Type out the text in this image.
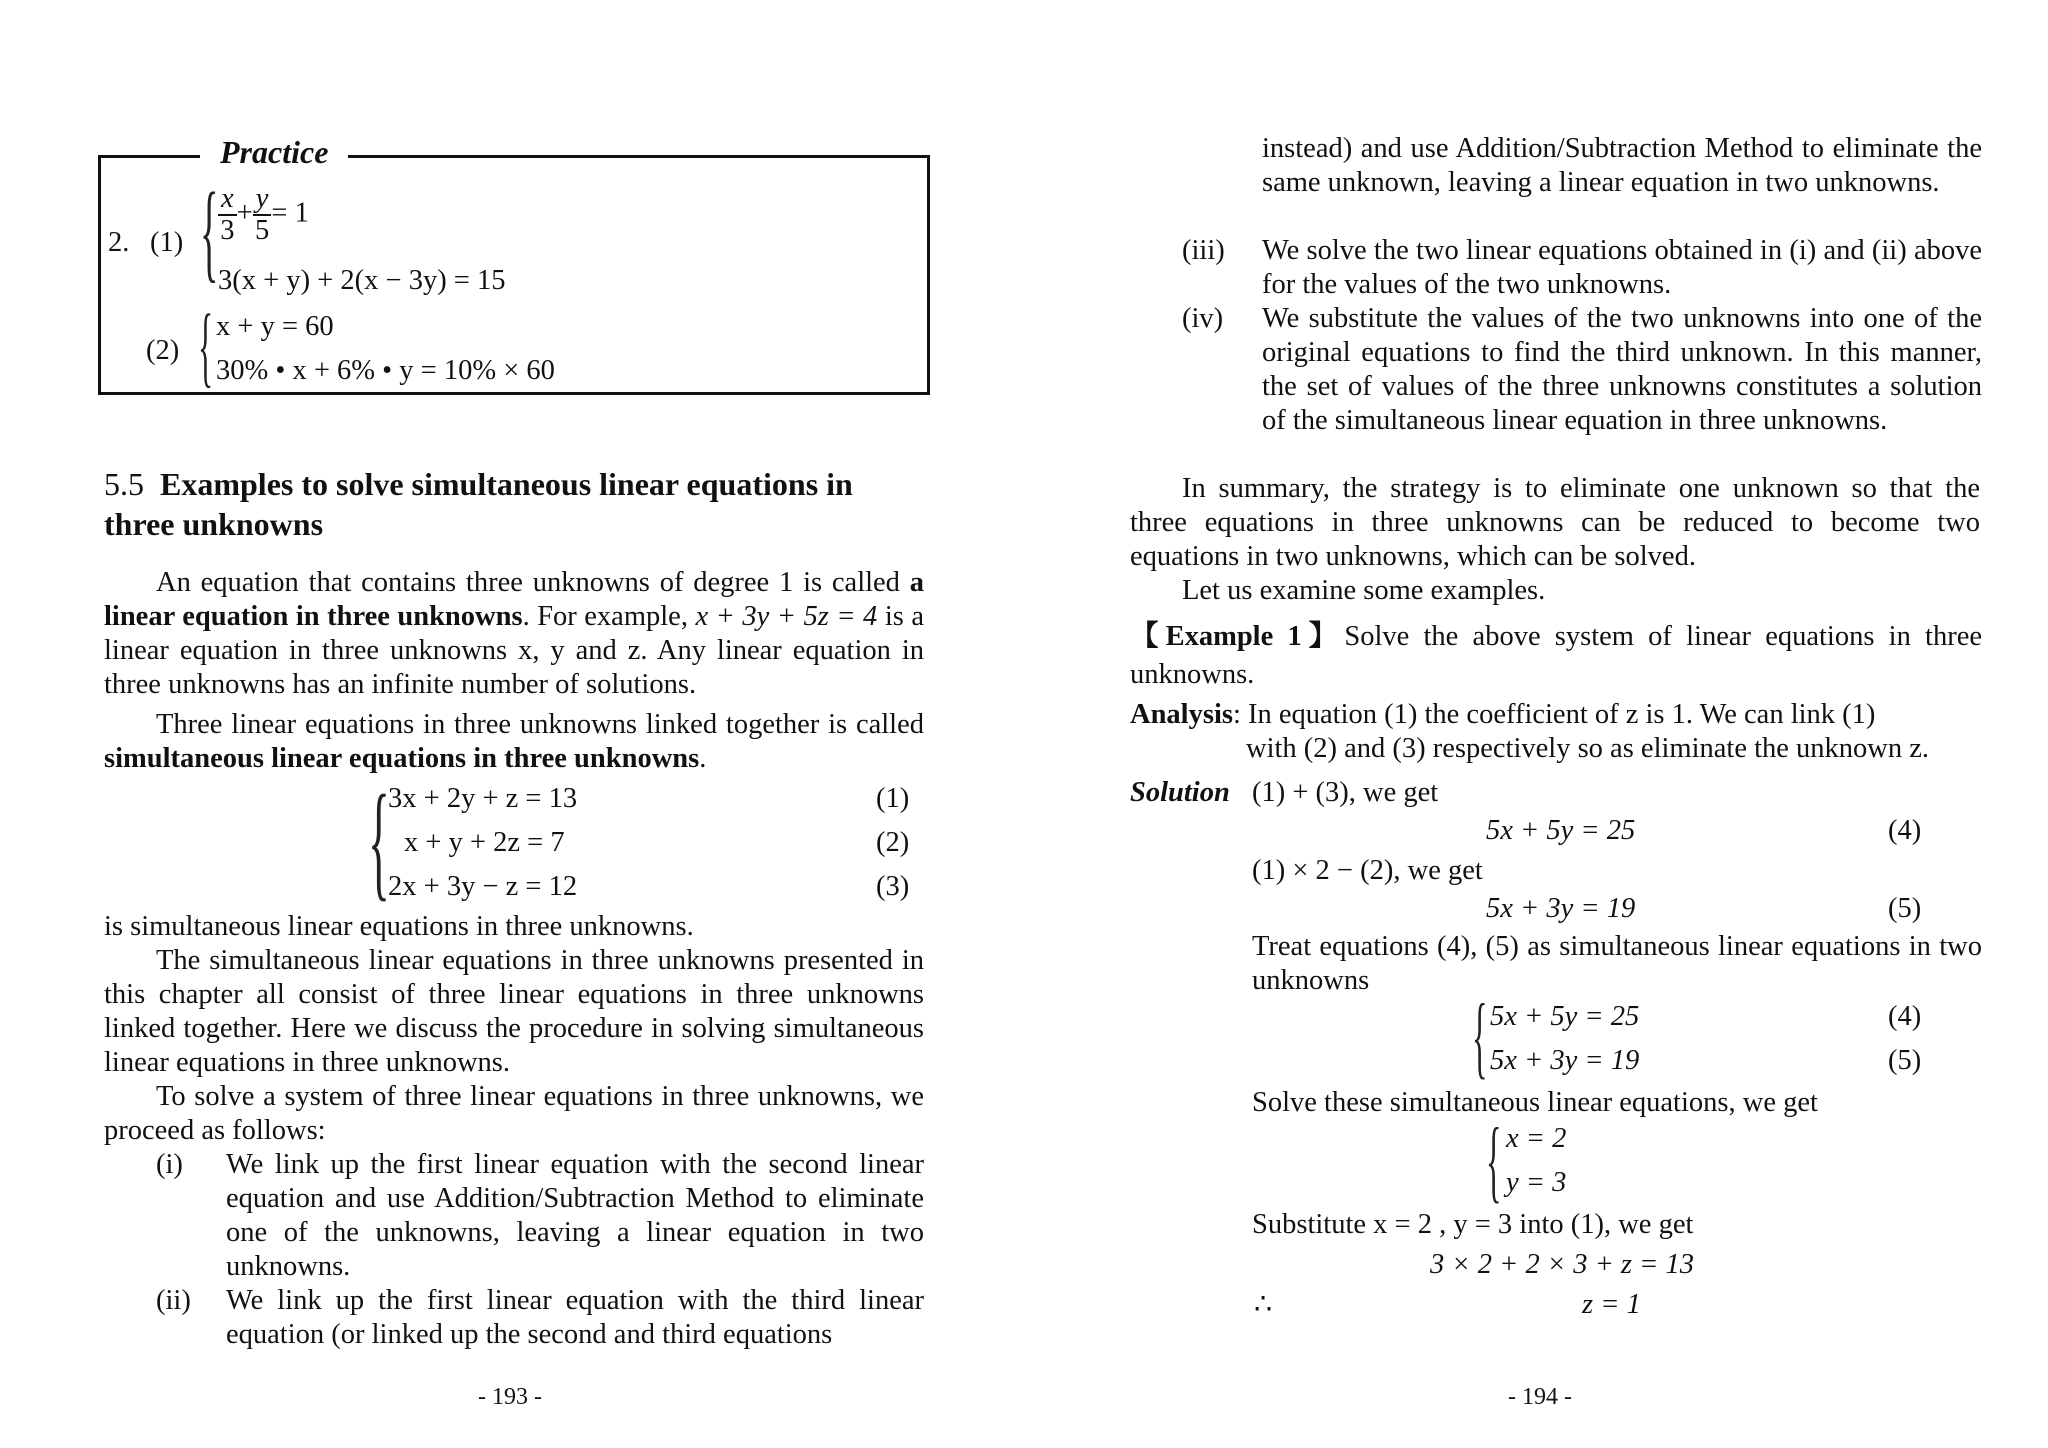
Practice
2. (1) { $\frac{x}{3} + \frac{y}{5} = 1$
3(x + y) + 2(x − 3y) = 15
(2) { x + y = 60
30% • x + 6% • y = 10% × 60
5.5 Examples to solve simultaneous linear equations in
three unknowns

An equation that contains three unknowns of degree 1 is called a linear equation in three unknowns. For example, x + 3y + 5z = 4 is a linear equation in three unknowns x, y and z. Any linear equation in three unknowns has an infinite number of solutions.

Three linear equations in three unknowns linked together is called simultaneous linear equations in three unknowns.

{
3x + 2y + z = 13	(1)
x + y + 2z = 7	(2)
2x + 3y − z = 12	(3)

is simultaneous linear equations in three unknowns.

The simultaneous linear equations in three unknowns presented in this chapter all consist of three linear equations in three unknowns linked together. Here we discuss the procedure in solving simultaneous linear equations in three unknowns.

To solve a system of three linear equations in three unknowns, we proceed as follows:

(i) We link up the first linear equation with the second linear equation and use Addition/Subtraction Method to eliminate one of the unknowns, leaving a linear equation in two unknowns.

(ii) We link up the first linear equation with the third linear equation (or linked up the second and third equations

- 193 -

instead) and use Addition/Subtraction Method to eliminate the same unknown, leaving a linear equation in two unknowns.

(iii) We solve the two linear equations obtained in (i) and (ii) above for the values of the two unknowns.

(iv) We substitute the values of the two unknowns into one of the original equations to find the third unknown. In this manner, the set of values of the three unknowns constitutes a solution of the simultaneous linear equation in three unknowns.

In summary, the strategy is to eliminate one unknown so that the three equations in three unknowns can be reduced to become two equations in two unknowns, which can be solved.

Let us examine some examples.

【Example 1】Solve the above system of linear equations in three unknowns.

Analysis: In equation (1) the coefficient of z is 1. We can link (1)
with (2) and (3) respectively so as eliminate the unknown z.
Solution (1) + (3), we get
5x + 5y = 25	(4)
(1) × 2 − (2), we get
5x + 3y = 19	(5)

Treat equations (4), (5) as simultaneous linear equations in two unknowns

{ 5x + 5y = 25	(4)
5x + 3y = 19	(5)
Solve these simultaneous linear equations, we get
{ x = 2
y = 3
Substitute x = 2 , y = 3 into (1), we get
3 × 2 + 2 × 3 + z = 13
∴	z = 1
- 194 -
